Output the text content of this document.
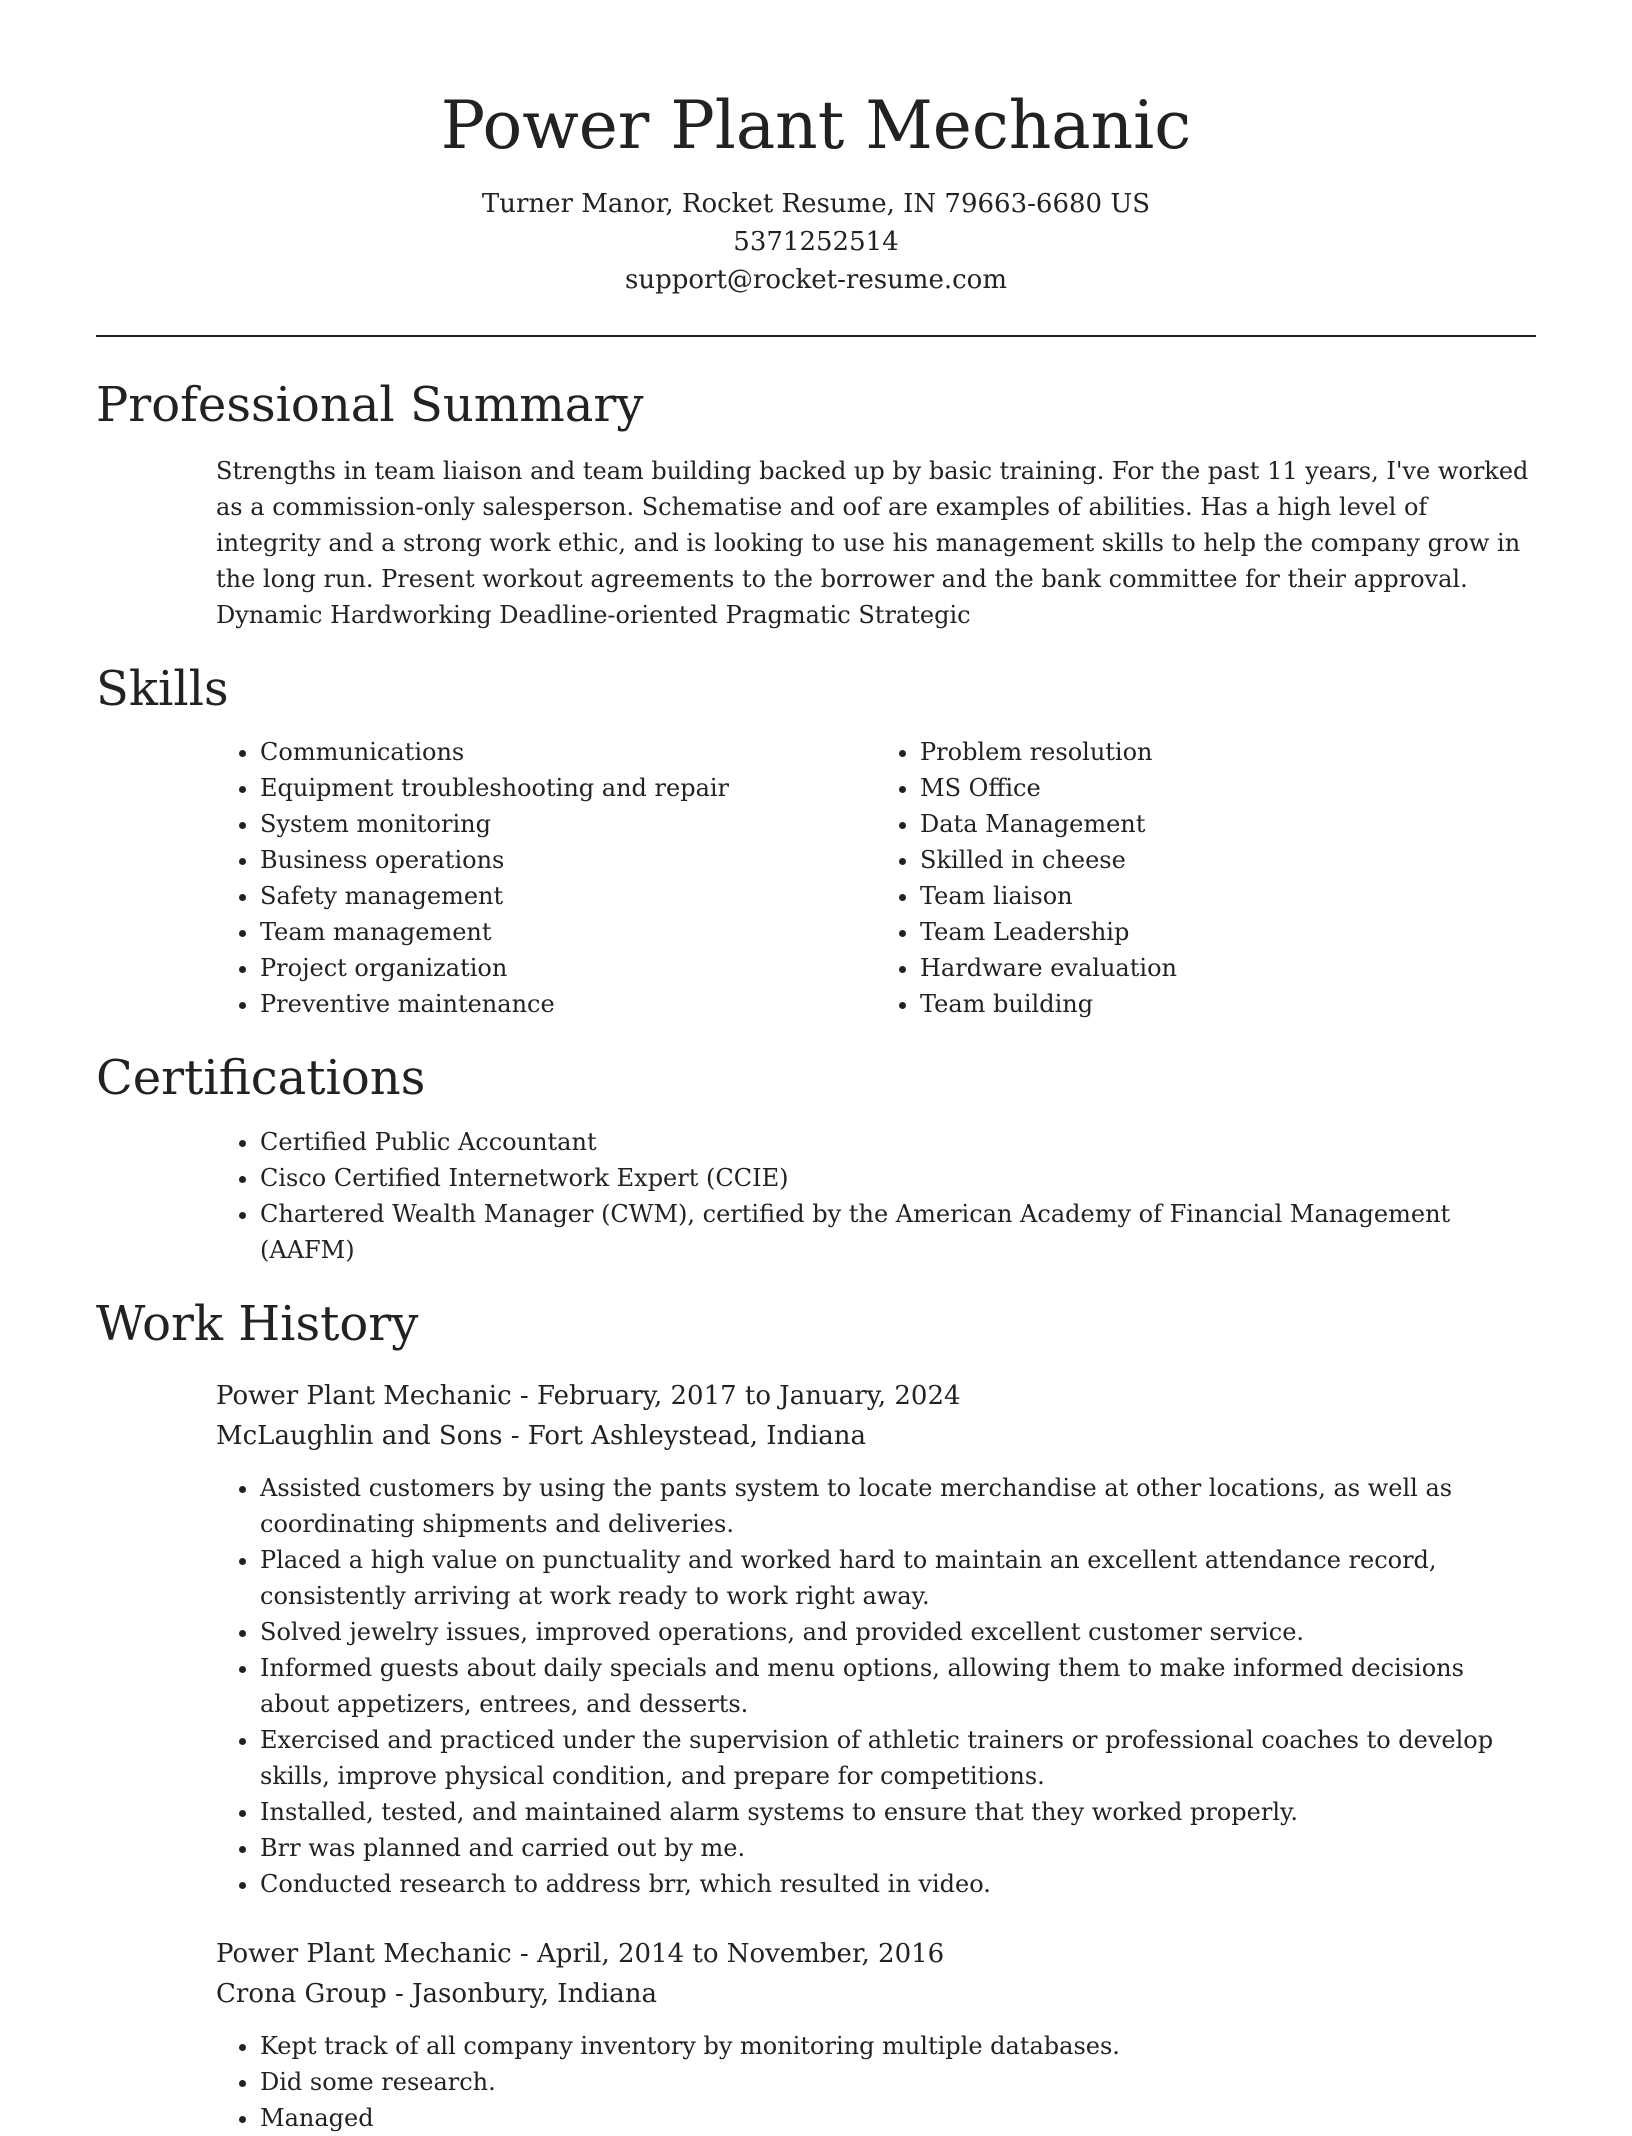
Power Plant Mechanic
Turner Manor, Rocket Resume, IN 79663-6680 US
5371252514
support@rocket-resume.com
Professional Summary

Strengths in team liaison and team building backed up by basic training. For the past 11 years, I've worked as a commission-only salesperson. Schematise and oof are examples of abilities. Has a high level of integrity and a strong work ethic, and is looking to use his management skills to help the company grow in the long run. Present workout agreements to the borrower and the bank committee for their approval. Dynamic Hardworking Deadline-oriented Pragmatic Strategic

Skills
• Communications
• Equipment troubleshooting and repair
• System monitoring
• Business operations
• Safety management
• Team management
• Project organization
• Preventive maintenance
• Problem resolution
• MS Office
• Data Management
• Skilled in cheese
• Team liaison
• Team Leadership
• Hardware evaluation
• Team building
Certifications
• Certified Public Accountant
• Cisco Certified Internetwork Expert (CCIE)
• Chartered Wealth Manager (CWM), certified by the American Academy of Financial Management (AAFM)
Work History
Power Plant Mechanic - February, 2017 to January, 2024
McLaughlin and Sons - Fort Ashleystead, Indiana
• Assisted customers by using the pants system to locate merchandise at other locations, as well as coordinating shipments and deliveries.
• Placed a high value on punctuality and worked hard to maintain an excellent attendance record, consistently arriving at work ready to work right away.
• Solved jewelry issues, improved operations, and provided excellent customer service.
• Informed guests about daily specials and menu options, allowing them to make informed decisions about appetizers, entrees, and desserts.
• Exercised and practiced under the supervision of athletic trainers or professional coaches to develop skills, improve physical condition, and prepare for competitions.
• Installed, tested, and maintained alarm systems to ensure that they worked properly.
• Brr was planned and carried out by me.
• Conducted research to address brr, which resulted in video.
Power Plant Mechanic - April, 2014 to November, 2016
Crona Group - Jasonbury, Indiana
• Kept track of all company inventory by monitoring multiple databases.
• Did some research.
• Managed
